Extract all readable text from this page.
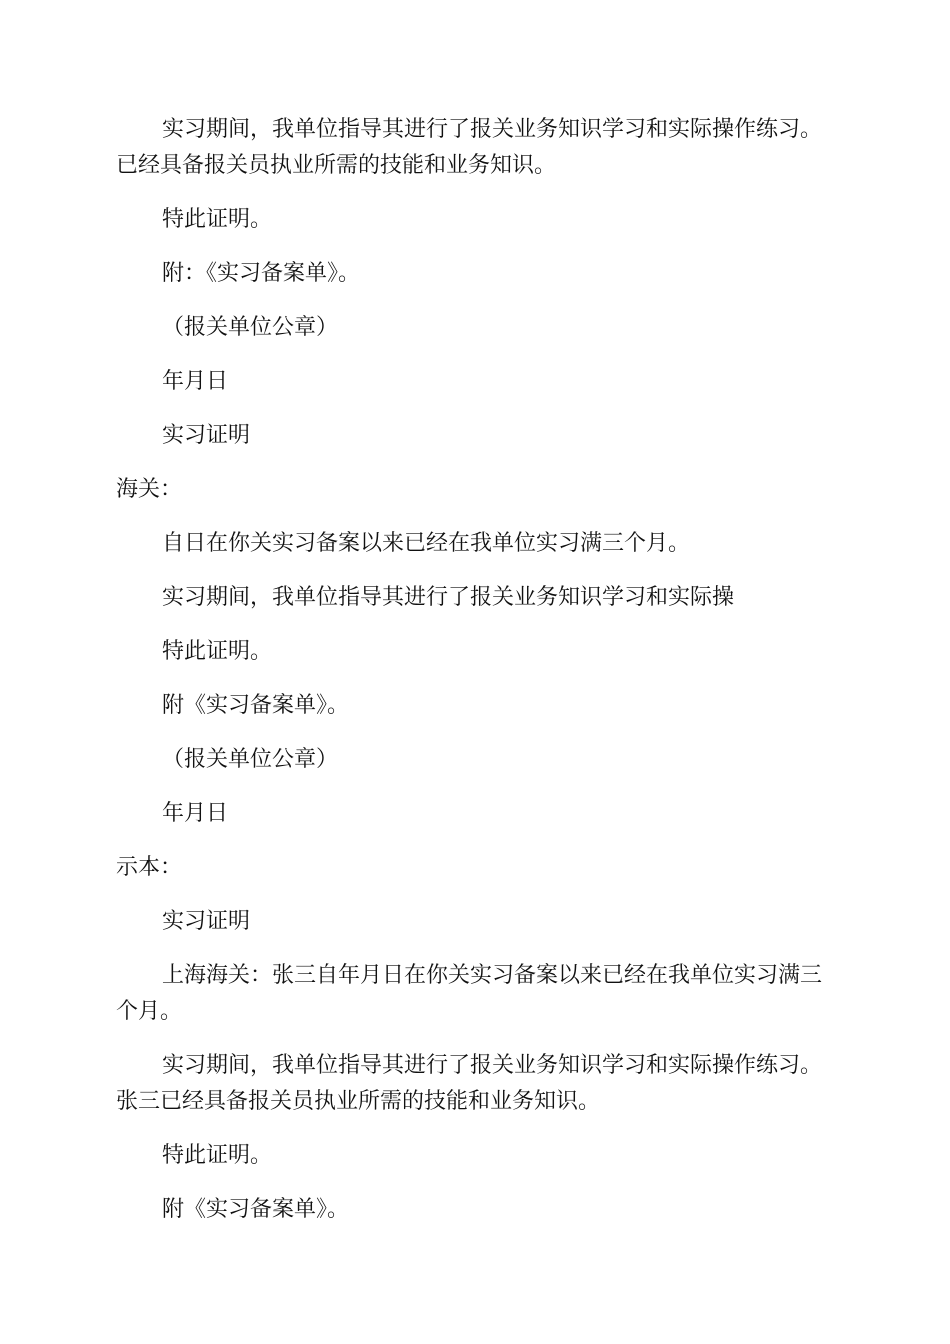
实习期间，我单位指导其进行了报关业务知识学习和实际操作练习。已经具备报关员执业所需的技能和业务知识。

特此证明。

附：《实习备案单》。

（报关单位公章）

年月日

实习证明

海关：

自日在你关实习备案以来已经在我单位实习满三个月。

实习期间，我单位指导其进行了报关业务知识学习和实际操

特此证明。

附《实习备案单》。

（报关单位公章）

年月日

示本：

实习证明

上海海关：张三自年月日在你关实习备案以来已经在我单位实习满三个月。

实习期间，我单位指导其进行了报关业务知识学习和实际操作练习。张三已经具备报关员执业所需的技能和业务知识。

特此证明。

附《实习备案单》。
